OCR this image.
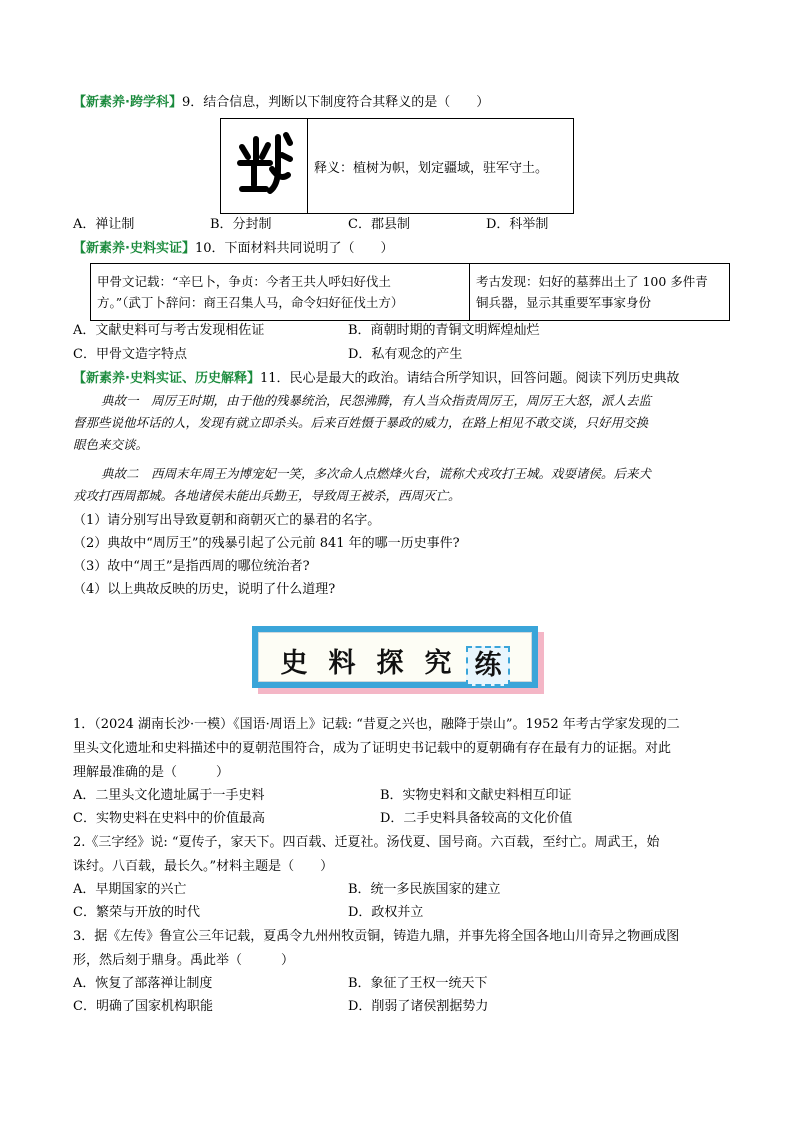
【新素养·跨学科】9．结合信息，判断以下制度符合其释义的是（　　）
	释义：植树为帜，划定疆域，驻军守土。
A．禅让制	B．分封制	C．郡县制	D．科举制
【新素养·史料实证】10．下面材料共同说明了（　　）
甲骨文记载：“辛巳卜，争贞：今者王共人呼妇好伐土
方。”（武丁卜辞问：商王召集人马，命令妇好征伐土方）

考古发现：妇好的墓葬出土了 100 多件青
铜兵器，显示其重要军事家身份
A．文献史料可与考古发现相佐证	B．商朝时期的青铜文明辉煌灿烂
C．甲骨文造字特点	D．私有观念的产生
【新素养·史料实证、历史解释】11．民心是最大的政治。请结合所学知识，回答问题。阅读下列历史典故
典故一　周厉王时期，由于他的残暴统治，民怨沸腾，有人当众指责周厉王，周厉王大怒，派人去监
督那些说他坏话的人，发现有就立即杀头。后来百姓慑于暴政的威力，在路上相见不敢交谈，只好用交换
眼色来交谈。
典故二　西周末年周王为博宠妃一笑，多次命人点燃烽火台，谎称犬戎攻打王城。戏耍诸侯。后来犬
戎攻打西周都城。各地诸侯未能出兵勤王，导致周王被杀，西周灭亡。
（1）请分别写出导致夏朝和商朝灭亡的暴君的名字。
（2）典故中“周厉王”的残暴引起了公元前 841 年的哪一历史事件?
（3）故中“周王”是指西周的哪位统治者?
（4）以上典故反映的历史，说明了什么道理?
史 料 探 究 练
1．（2024 湖南长沙·一模）《国语·周语上》记载: “昔夏之兴也，融降于崇山”。1952 年考古学家发现的二
里头文化遗址和史料描述中的夏朝范围符合，成为了证明史书记载中的夏朝确有存在最有力的证据。对此
理解最准确的是（　　　）
A．二里头文化遗址属于一手史料	B．实物史料和文献史料相互印证
C．实物史料在史料中的价值最高	D．二手史料具备较高的文化价值
2.《三字经》说: “夏传子，家天下。四百载、迁夏社。汤伐夏、国号商。六百载，至纣亡。周武王，始
诛纣。八百载，最长久。”材料主题是（　　）
A．早期国家的兴亡	B．统一多民族国家的建立
C．繁荣与开放的时代	D．政权并立
3．据《左传》鲁宣公三年记载，夏禹令九州州牧贡铜，铸造九鼎，并事先将全国各地山川奇异之物画成图
形，然后刻于鼎身。禹此举（　　　）
A．恢复了部落禅让制度	B．象征了王权一统天下
C．明确了国家机构职能	D．削弱了诸侯割据势力
